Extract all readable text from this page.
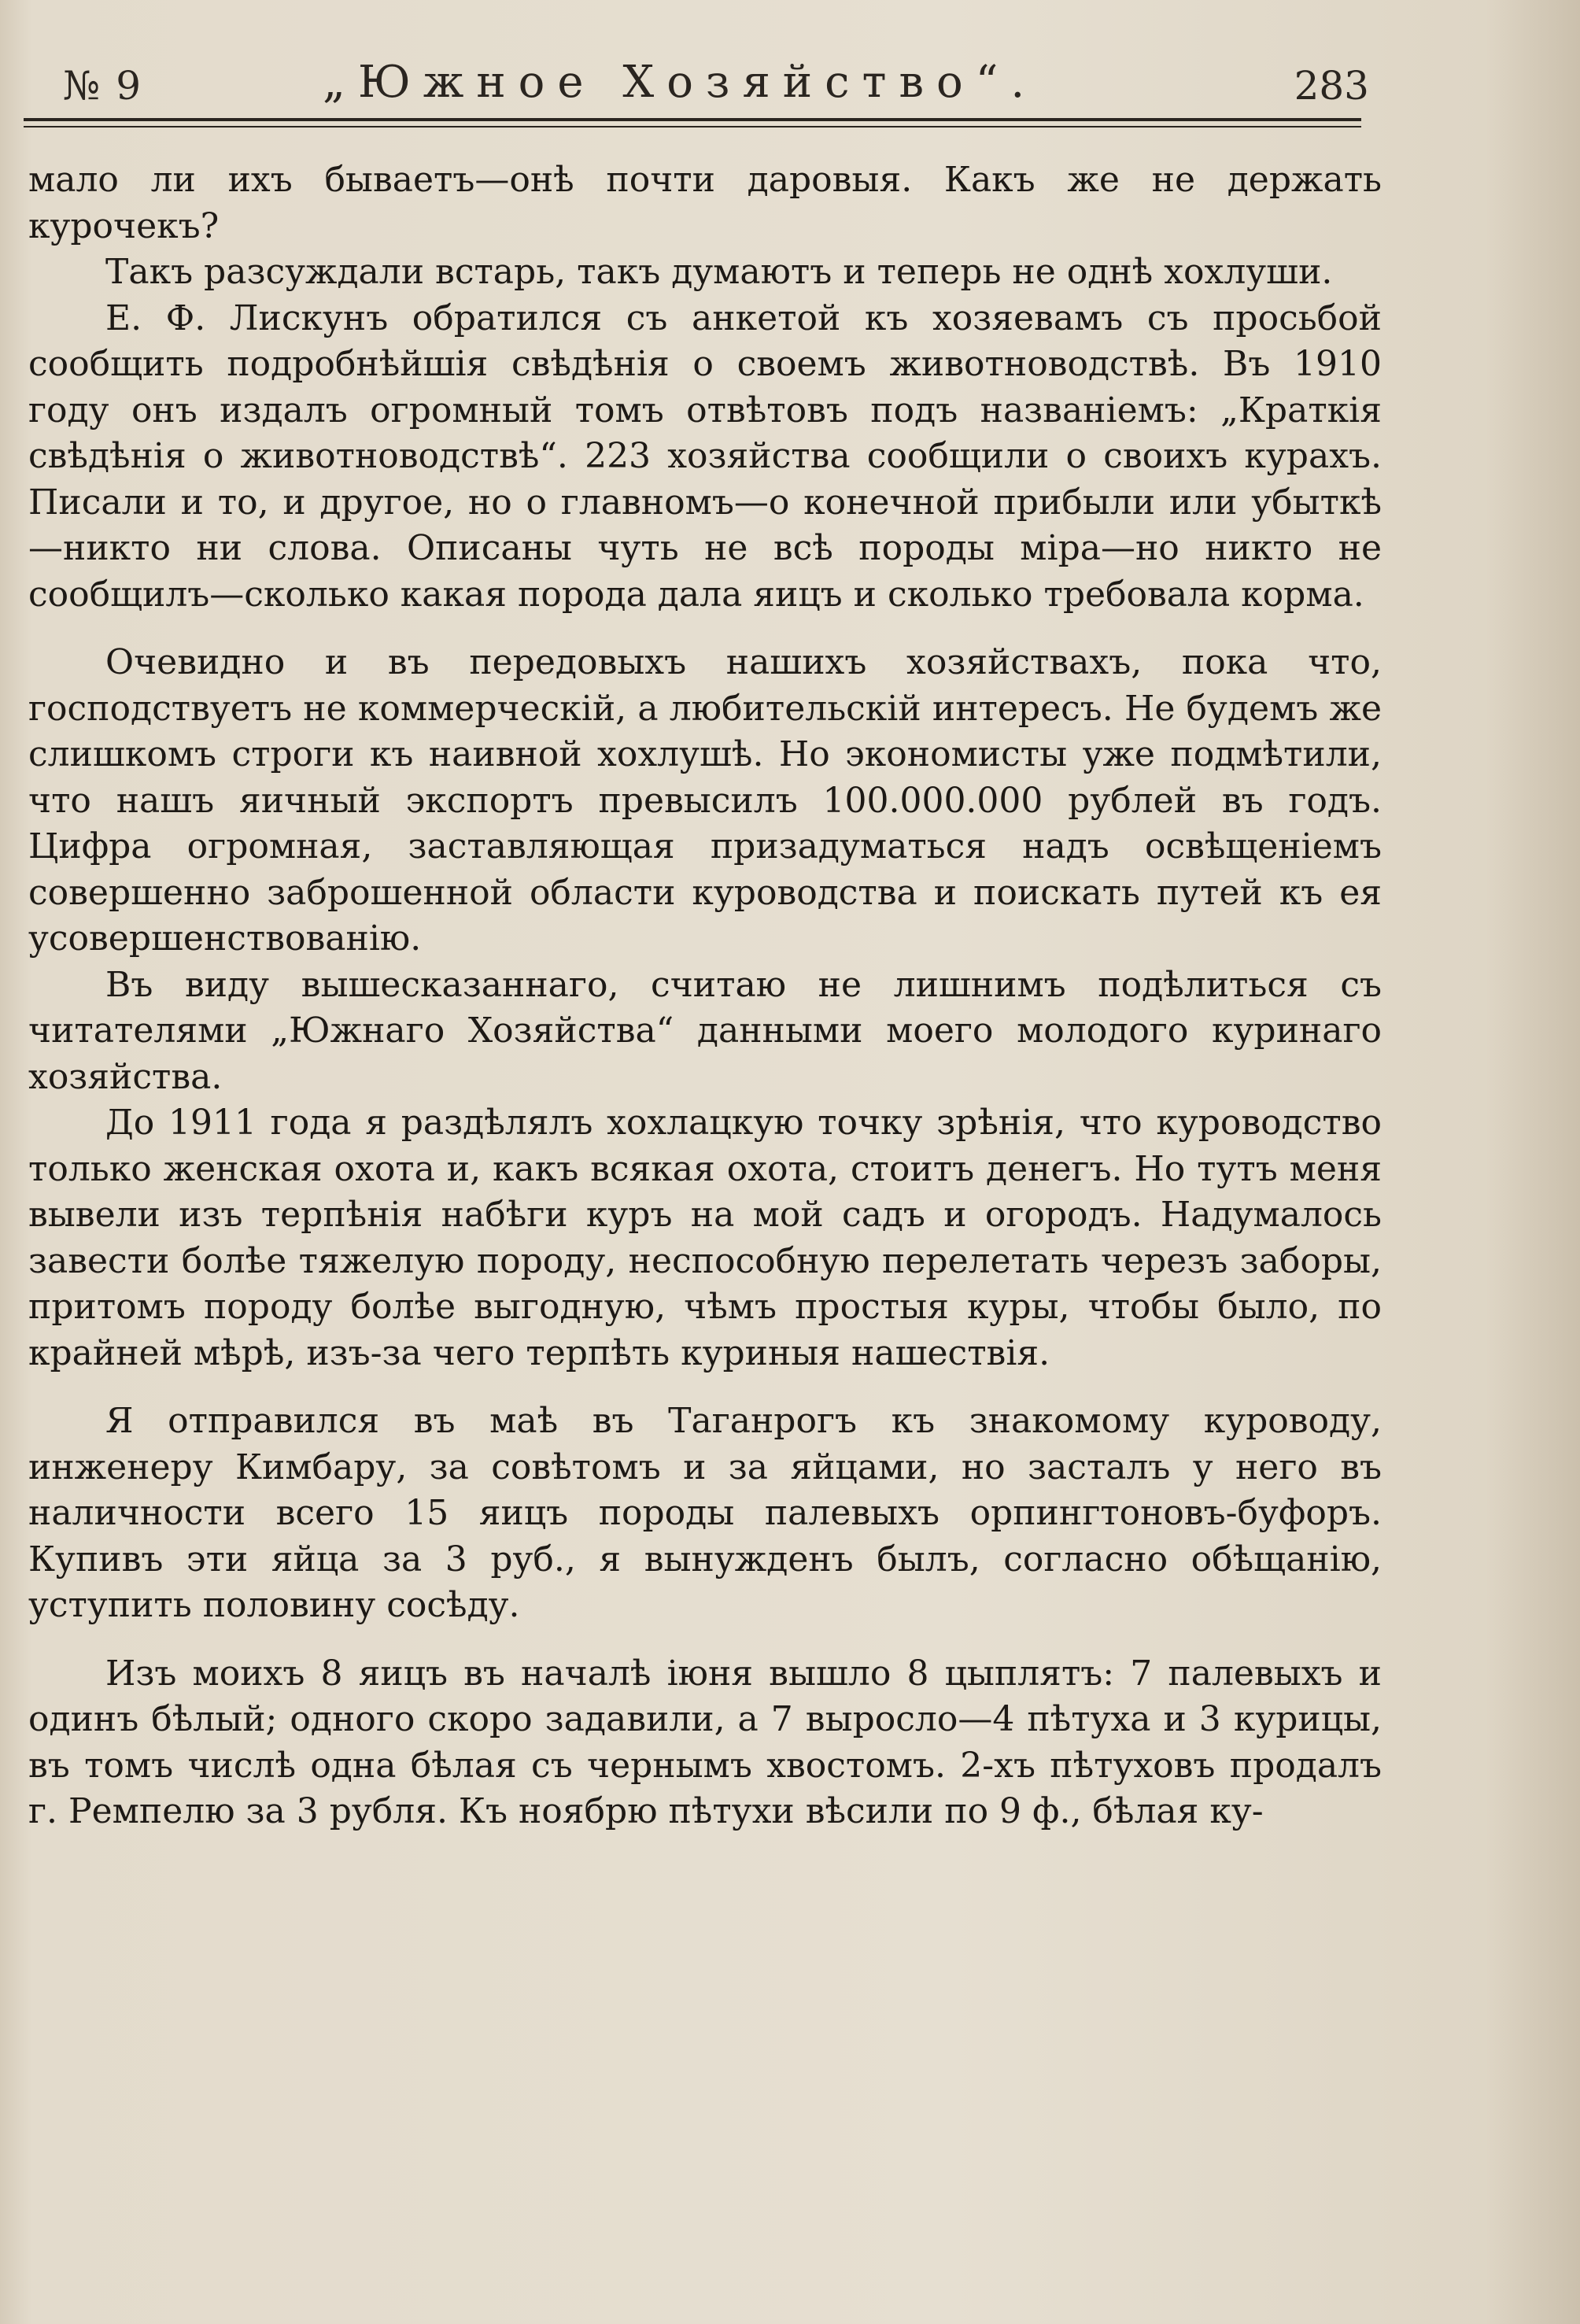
№ 9	„Южное Хозяйство“.	283

мало ли ихъ бываетъ—онѣ почти даровыя. Какъ же не держать курочекъ?

Такъ разсуждали встарь, такъ думаютъ и теперь не однѣ хохлуши.

Е. Ф. Лискунъ обратился съ анкетой къ хозяевамъ съ просьбой сообщить подробнѣйшія свѣдѣнія о своемъ животноводствѣ. Въ 1910 году онъ издалъ огромный томъ отвѣтовъ подъ названіемъ: „Краткія свѣдѣнія о животноводствѣ“. 223 хозяйства сообщили о своихъ курахъ. Писали и то, и другое, но о главномъ—о конечной прибыли или убыткѣ—никто ни слова. Описаны чуть не всѣ породы міра—но никто не сообщилъ—сколько какая порода дала яицъ и сколько требовала корма.

Очевидно и въ передовыхъ нашихъ хозяйствахъ, пока что, господствуетъ не коммерческій, а любительскій интересъ. Не будемъ же слишкомъ строги къ наивной хохлушѣ. Но экономисты уже подмѣтили, что нашъ яичный экспортъ превысилъ 100.000.000 рублей въ годъ. Цифра огромная, заставляющая призадуматься надъ освѣщеніемъ совершенно заброшенной области куроводства и поискать путей къ ея усовершенствованію.

Въ виду вышесказаннаго, считаю не лишнимъ подѣлиться съ читателями „Южнаго Хозяйства“ данными моего молодого куринаго хозяйства.

До 1911 года я раздѣлялъ хохлацкую точку зрѣнія, что куроводство только женская охота и, какъ всякая охота, стоитъ денегъ. Но тутъ меня вывели изъ терпѣнія набѣги куръ на мой садъ и огородъ. Надумалось завести болѣе тяжелую породу, неспособную перелетать черезъ заборы, притомъ породу болѣе выгодную, чѣмъ простыя куры, чтобы было, по крайней мѣрѣ, изъ-за чего терпѣть куриныя нашествія.

Я отправился въ маѣ въ Таганрогъ къ знакомому куроводу, инженеру Кимбару, за совѣтомъ и за яйцами, но засталъ у него въ наличности всего 15 яицъ породы палевыхъ орпингтоновъ-буфоръ. Купивъ эти яйца за 3 руб., я вынужденъ былъ, согласно обѣщанію, уступить половину сосѣду.

Изъ моихъ 8 яицъ въ началѣ іюня вышло 8 цыплятъ: 7 палевыхъ и одинъ бѣлый; одного скоро задавили, а 7 выросло—4 пѣтуха и 3 курицы, въ томъ числѣ одна бѣлая съ чернымъ хвостомъ. 2-хъ пѣтуховъ продалъ г. Ремпелю за 3 рубля. Къ ноябрю пѣтухи вѣсили по 9 ф., бѣлая ку-
